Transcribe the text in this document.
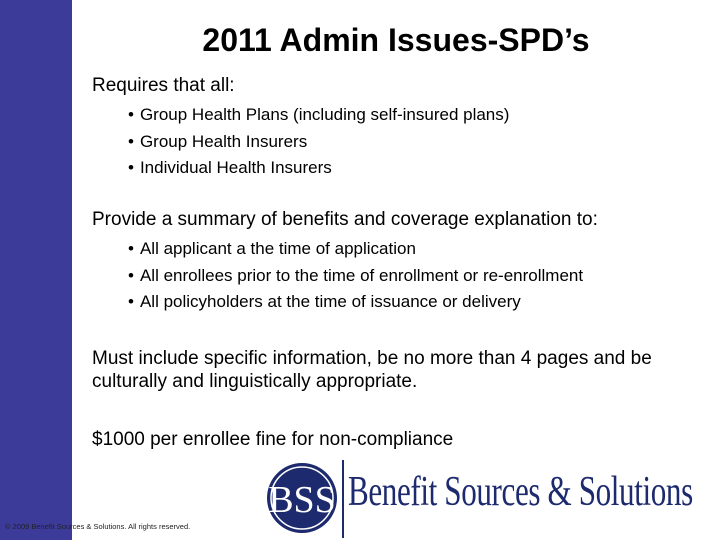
2011 Admin Issues-SPD’s

Requires that all:

• Group Health Plans (including self-insured plans)
• Group Health Insurers
• Individual Health Insurers

Provide a summary of benefits and coverage explanation to:

• All applicant a the time of application
• All enrollees prior to the time of enrollment or re-enrollment
• All policyholders at the time of issuance or delivery

Must include specific information, be no more than 4 pages and be culturally and linguistically appropriate.

$1000 per enrollee fine for non-compliance

BSS Benefit Sources & Solutions
© 2009 Benefit Sources & Solutions. All rights reserved.
